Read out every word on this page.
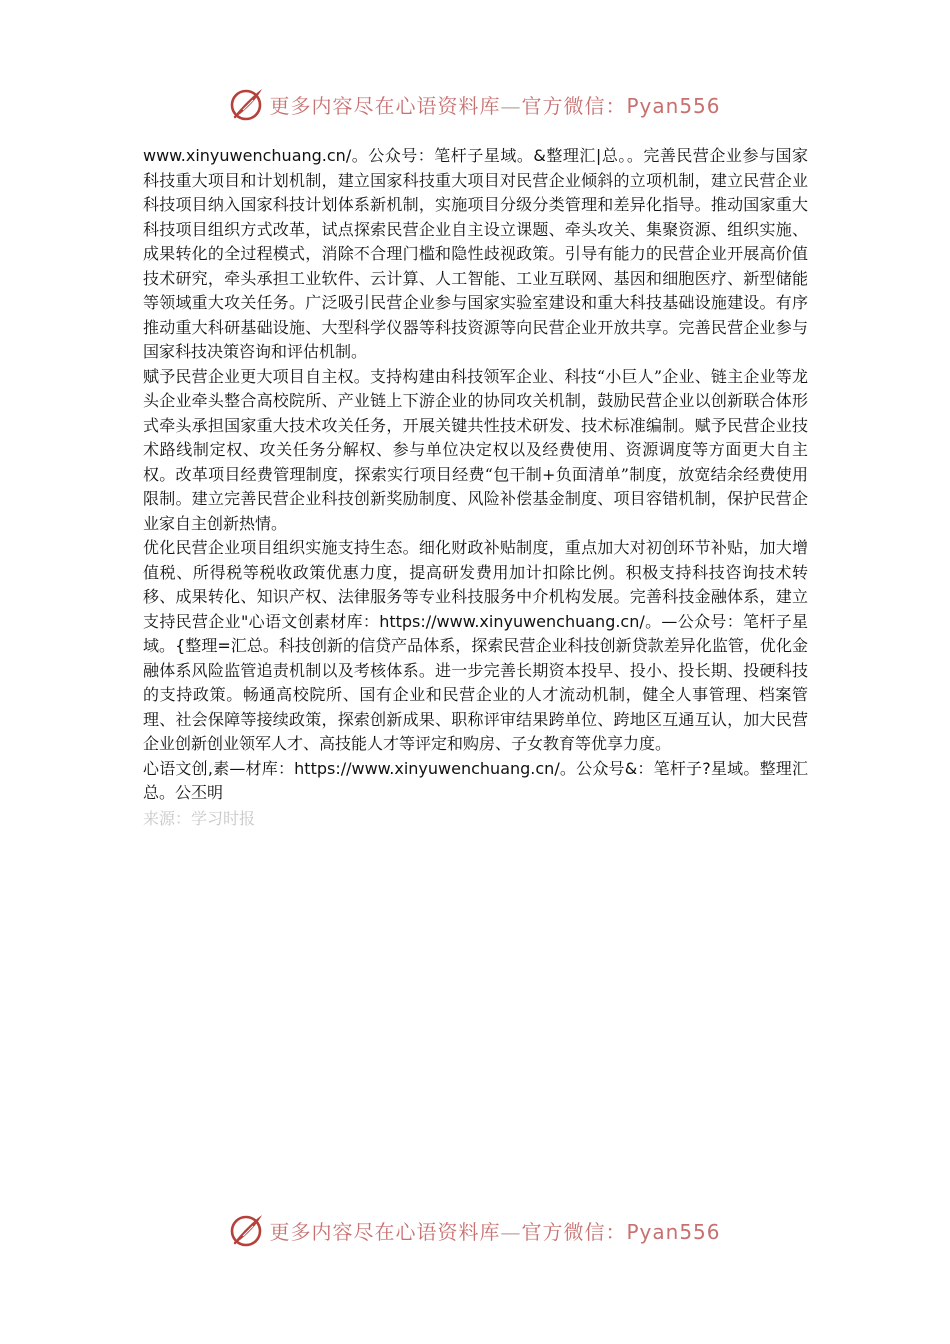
更多内容尽在心语资料库—官方微信：Pyan556

www.xinyuwenchuang.cn/。公众号：笔杆子星域。&整理汇|总。。完善民营企业参与国家科技重大项目和计划机制，建立国家科技重大项目对民营企业倾斜的立项机制，建立民营企业科技项目纳入国家科技计划体系新机制，实施项目分级分类管理和差异化指导。推动国家重大科技项目组织方式改革，试点探索民营企业自主设立课题、牵头攻关、集聚资源、组织实施、成果转化的全过程模式，消除不合理门槛和隐性歧视政策。引导有能力的民营企业开展高价值技术研究，牵头承担工业软件、云计算、人工智能、工业互联网、基因和细胞医疗、新型储能等领域重大攻关任务。广泛吸引民营企业参与国家实验室建设和重大科技基础设施建设。有序推动重大科研基础设施、大型科学仪器等科技资源等向民营企业开放共享。完善民营企业参与国家科技决策咨询和评估机制。

赋予民营企业更大项目自主权。支持构建由科技领军企业、科技“小巨人”企业、链主企业等龙头企业牵头整合高校院所、产业链上下游企业的协同攻关机制，鼓励民营企业以创新联合体形式牵头承担国家重大技术攻关任务，开展关键共性技术研发、技术标准编制。赋予民营企业技术路线制定权、攻关任务分解权、参与单位决定权以及经费使用、资源调度等方面更大自主权。改革项目经费管理制度，探索实行项目经费“包干制+负面清单”制度，放宽结余经费使用限制。建立完善民营企业科技创新奖励制度、风险补偿基金制度、项目容错机制，保护民营企业家自主创新热情。

优化民营企业项目组织实施支持生态。细化财政补贴制度，重点加大对初创环节补贴，加大增值税、所得税等税收政策优惠力度，提高研发费用加计扣除比例。积极支持科技咨询技术转移、成果转化、知识产权、法律服务等专业科技服务中介机构发展。完善科技金融体系，建立支持民营企业"心语文创素材库：https://www.xinyuwenchuang.cn/。—公众号：笔杆子星域。{整理=汇总。科技创新的信贷产品体系，探索民营企业科技创新贷款差异化监管，优化金融体系风险监管追责机制以及考核体系。进一步完善长期资本投早、投小、投长期、投硬科技的支持政策。畅通高校院所、国有企业和民营企业的人才流动机制，健全人事管理、档案管理、社会保障等接续政策，探索创新成果、职称评审结果跨单位、跨地区互通互认，加大民营企业创新创业领军人才、高技能人才等评定和购房、子女教育等优享力度。

心语文创,素—材库：https://www.xinyuwenchuang.cn/。公众号&：笔杆子?星域。整理汇总。公丕明

来源：学习时报

更多内容尽在心语资料库—官方微信：Pyan556
